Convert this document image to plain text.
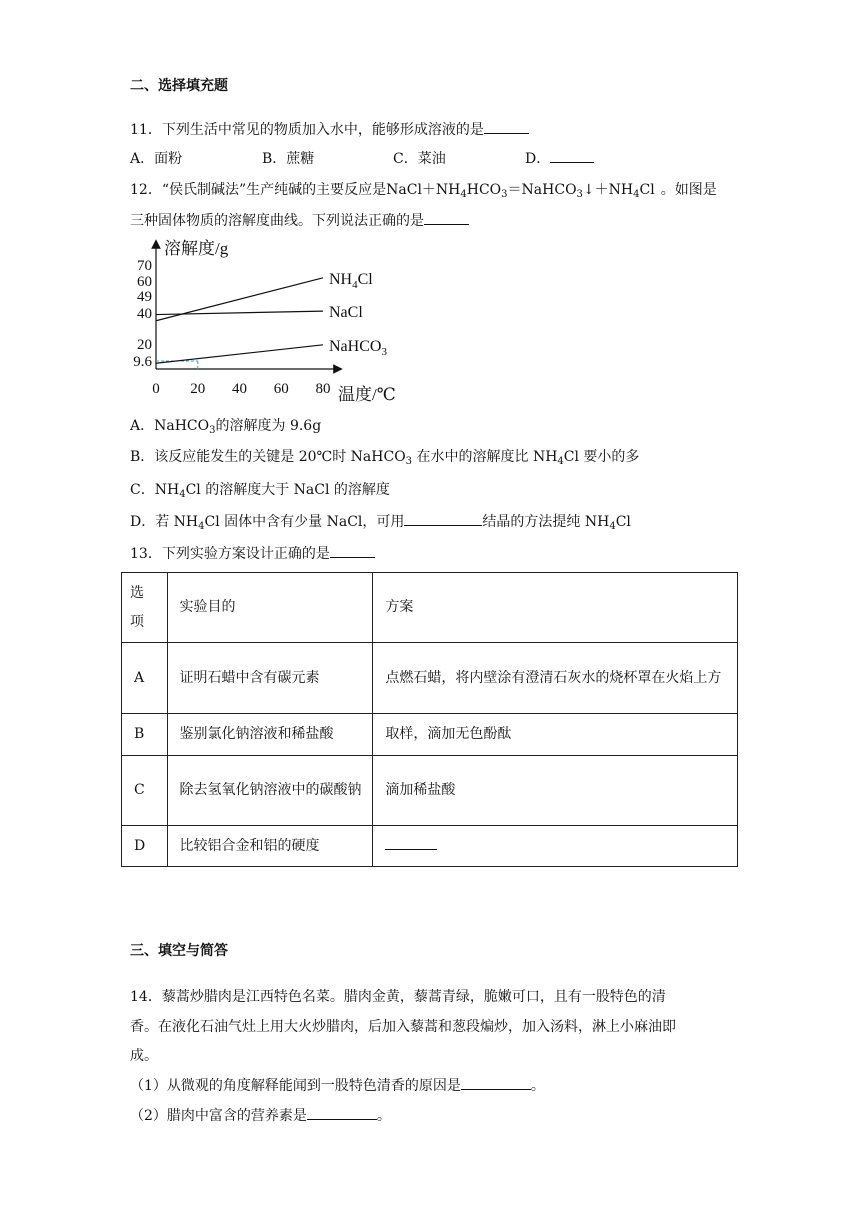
二、选择填充题
11．下列生活中常见的物质加入水中，能够形成溶液的是
A．面粉	B．蔗糖	C．菜油	D．
12．“侯氏制碱法”生产纯碱的主要反应是$NaCl+NH_4HCO_3=NaHCO_3↓+NH_4Cl$ 。如图是
三种固体物质的溶解度曲线。下列说法正确的是
溶解度/g
温度/℃
0 20 40 60 80
9.6
20
40
49
60
70
$NH_4Cl$
NaCl
NaHCO$_3$
A．NaHCO$_3$的溶解度为 9.6g
B．该反应能发生的关键是 20℃时 NaHCO$_3$ 在水中的溶解度比 $NH_4Cl$ 要小的多
C．$NH_4Cl$ 的溶解度大于 NaCl 的溶解度
D．若 $NH_4Cl$ 固体中含有少量 NaCl，可用	结晶的方法提纯 $NH_4Cl$
13．下列实验方案设计正确的是
选项	实验目的	方案
A	证明石蜡中含有碳元素	点燃石蜡，将内壁涂有澄清石灰水的烧杯罩在火焰上方

B	鉴别氯化钠溶液和稀盐酸	取样，滴加无色酚酞
C	除去氢氧化钠溶液中的碳酸钠	滴加稀盐酸
D	比较铝合金和铝的硬度	
三、填空与简答
14．藜蒿炒腊肉是江西特色名菜。腊肉金黄，藜蒿青绿，脆嫩可口，且有一股特色的清
香。在液化石油气灶上用大火炒腊肉，后加入藜蒿和葱段煸炒，加入汤料，淋上小麻油即
成。
（1）从微观的角度解释能闻到一股特色清香的原因是	。
（2）腊肉中富含的营养素是	。
